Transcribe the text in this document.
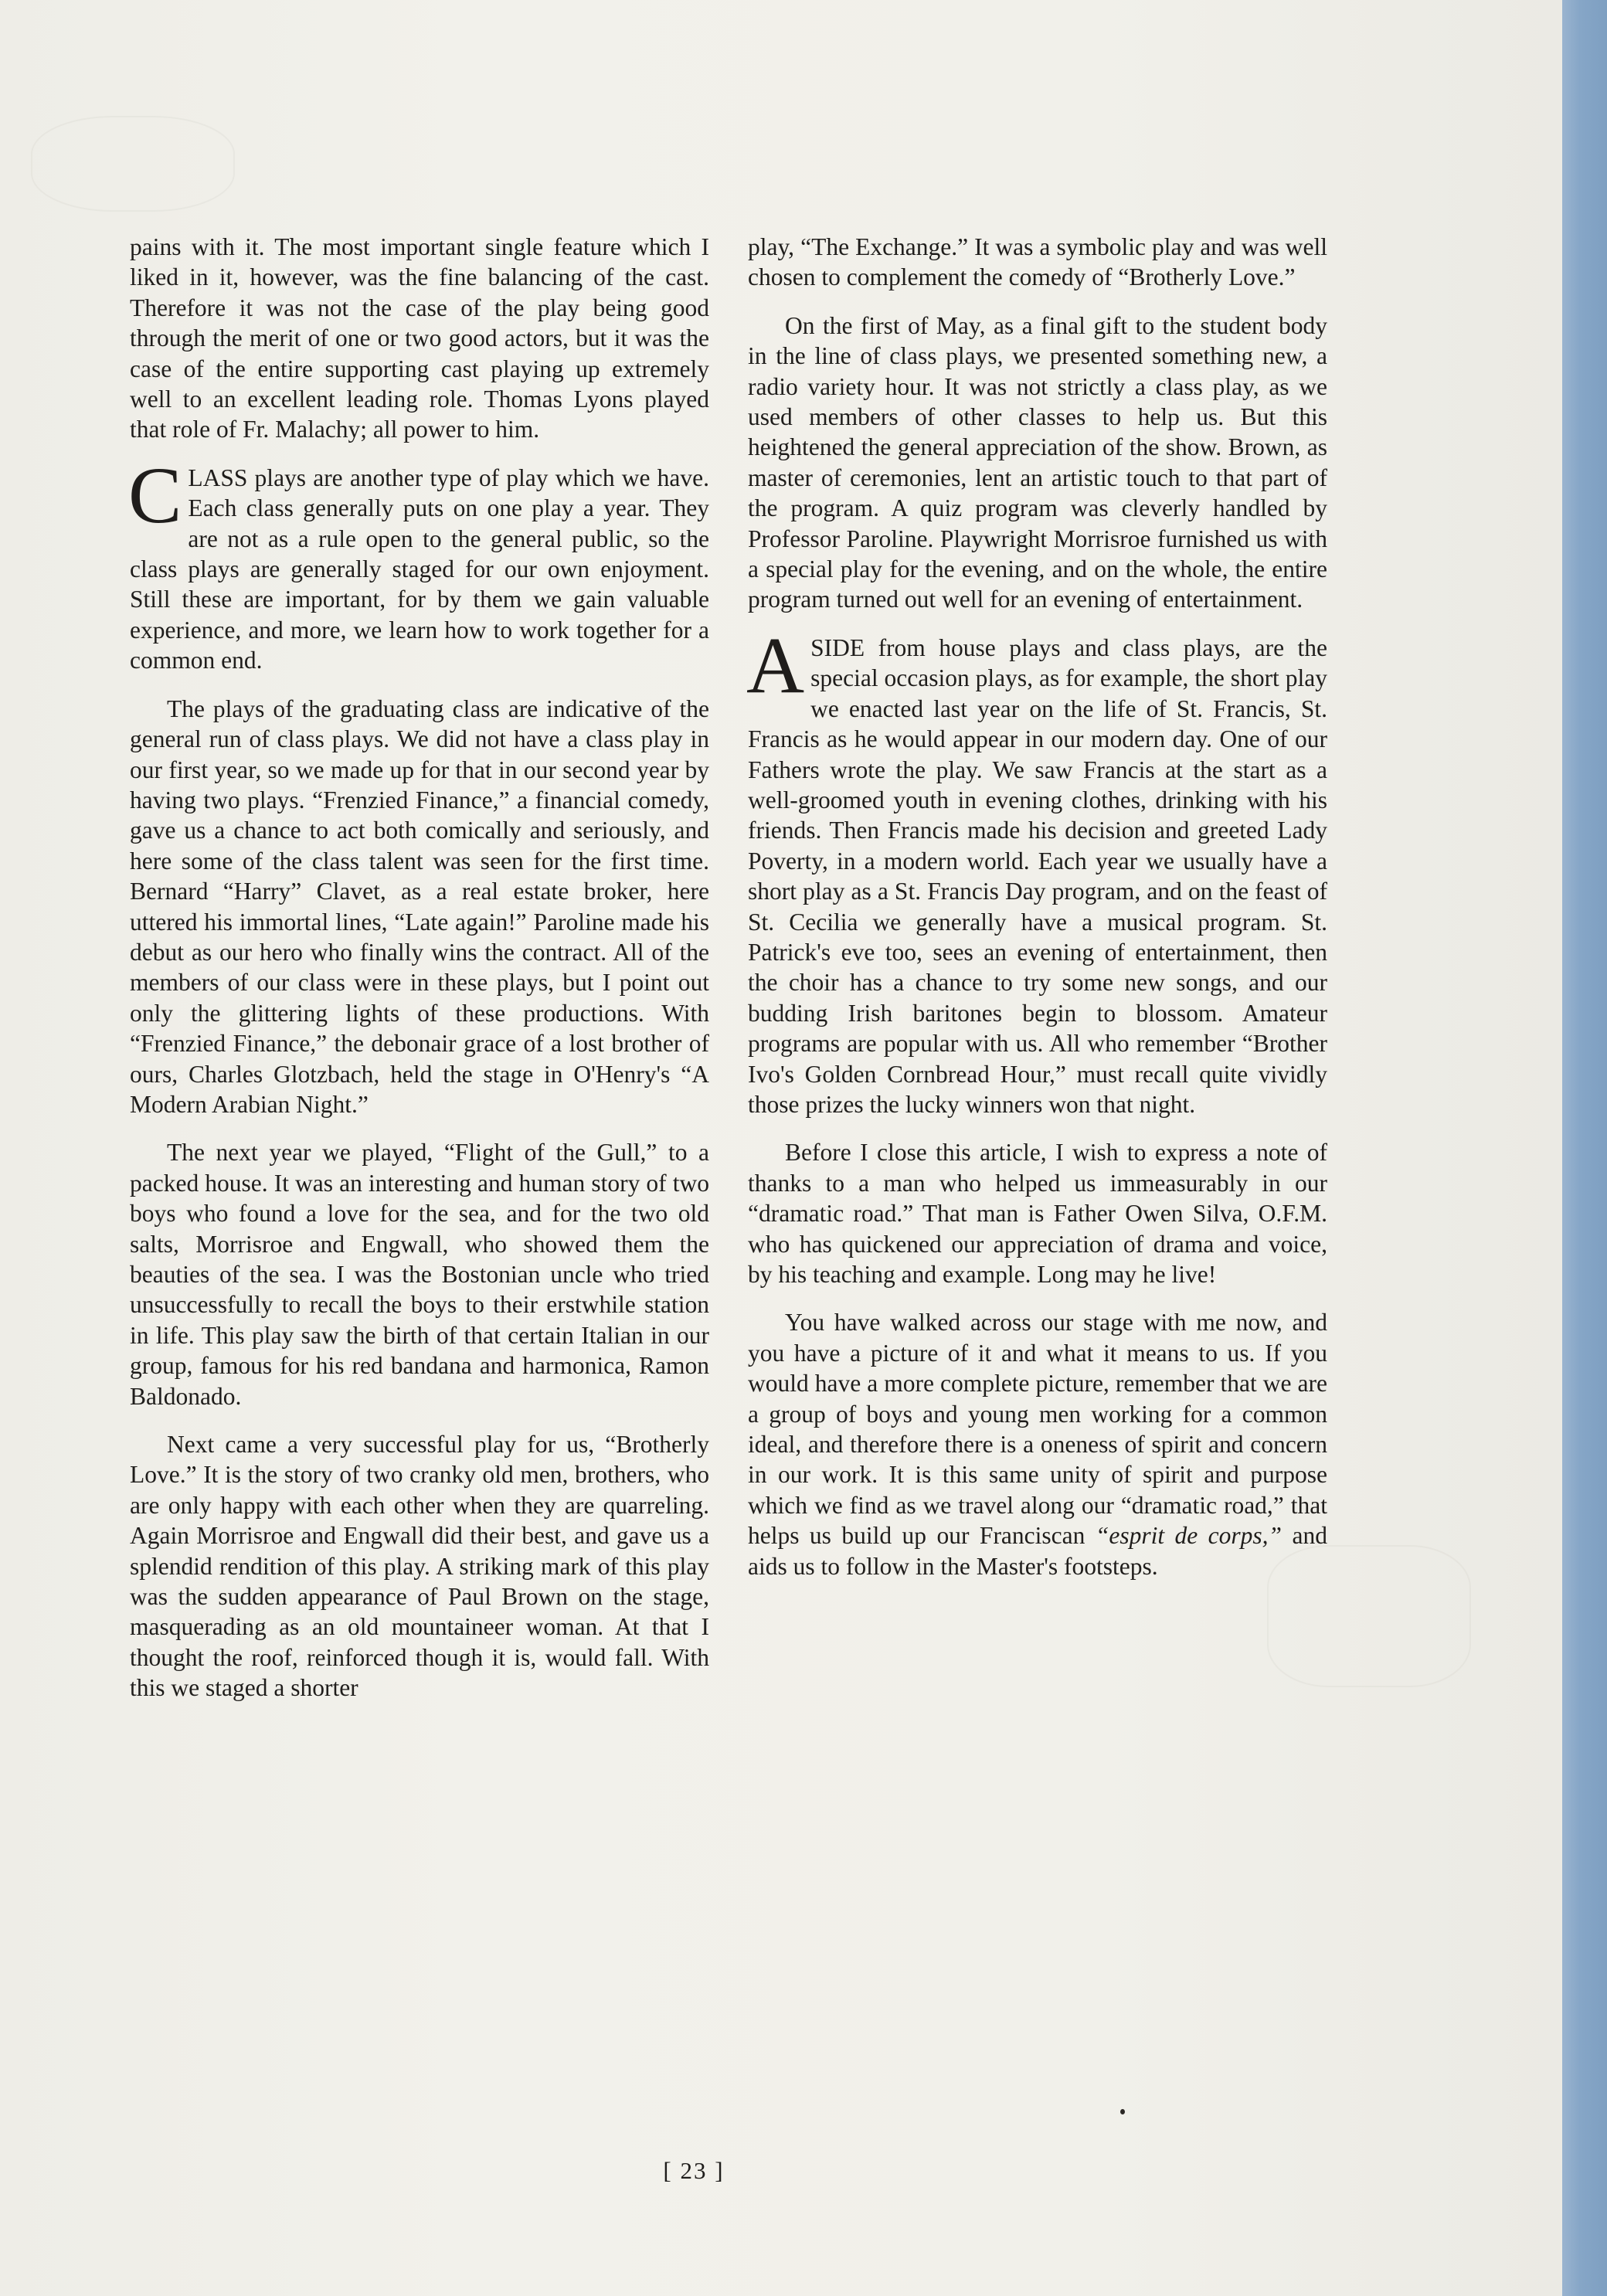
pains with it. The most important single feature which I liked in it, however, was the fine balancing of the cast. Therefore it was not the case of the play being good through the merit of one or two good actors, but it was the case of the entire supporting cast playing up extremely well to an excellent leading role. Thomas Lyons played that role of Fr. Malachy; all power to him.

CLASS plays are another type of play which we have. Each class generally puts on one play a year. They are not as a rule open to the general public, so the class plays are generally staged for our own enjoyment. Still these are important, for by them we gain valuable experience, and more, we learn how to work together for a common end.

The plays of the graduating class are indicative of the general run of class plays. We did not have a class play in our first year, so we made up for that in our second year by having two plays. “Frenzied Finance,” a financial comedy, gave us a chance to act both comically and seriously, and here some of the class talent was seen for the first time. Bernard “Harry” Clavet, as a real estate broker, here uttered his immortal lines, “Late again!” Paroline made his debut as our hero who finally wins the contract. All of the members of our class were in these plays, but I point out only the glittering lights of these productions. With “Frenzied Finance,” the debonair grace of a lost brother of ours, Charles Glotzbach, held the stage in O'Henry's “A Modern Arabian Night.”

The next year we played, “Flight of the Gull,” to a packed house. It was an interesting and human story of two boys who found a love for the sea, and for the two old salts, Morrisroe and Engwall, who showed them the beauties of the sea. I was the Bostonian uncle who tried unsuccessfully to recall the boys to their erstwhile station in life. This play saw the birth of that certain Italian in our group, famous for his red bandana and harmonica, Ramon Baldonado.

Next came a very successful play for us, “Brotherly Love.” It is the story of two cranky old men, brothers, who are only happy with each other when they are quarreling. Again Morrisroe and Engwall did their best, and gave us a splendid rendition of this play. A striking mark of this play was the sudden appearance of Paul Brown on the stage, masquerading as an old mountaineer woman. At that I thought the roof, reinforced though it is, would fall. With this we staged a shorter

play, “The Exchange.” It was a symbolic play and was well chosen to complement the comedy of “Brotherly Love.”

On the first of May, as a final gift to the student body in the line of class plays, we presented something new, a radio variety hour. It was not strictly a class play, as we used members of other classes to help us. But this heightened the general appreciation of the show. Brown, as master of ceremonies, lent an artistic touch to that part of the program. A quiz program was cleverly handled by Professor Paroline. Playwright Morrisroe furnished us with a special play for the evening, and on the whole, the entire program turned out well for an evening of entertainment.

ASIDE from house plays and class plays, are the special occasion plays, as for example, the short play we enacted last year on the life of St. Francis, St. Francis as he would appear in our modern day. One of our Fathers wrote the play. We saw Francis at the start as a well-groomed youth in evening clothes, drinking with his friends. Then Francis made his decision and greeted Lady Poverty, in a modern world. Each year we usually have a short play as a St. Francis Day program, and on the feast of St. Cecilia we generally have a musical program. St. Patrick's eve too, sees an evening of entertainment, then the choir has a chance to try some new songs, and our budding Irish baritones begin to blossom. Amateur programs are popular with us. All who remember “Brother Ivo's Golden Cornbread Hour,” must recall quite vividly those prizes the lucky winners won that night.

Before I close this article, I wish to express a note of thanks to a man who helped us immeasurably in our “dramatic road.” That man is Father Owen Silva, O.F.M. who has quickened our appreciation of drama and voice, by his teaching and example. Long may he live!

You have walked across our stage with me now, and you have a picture of it and what it means to us. If you would have a more complete picture, remember that we are a group of boys and young men working for a common ideal, and therefore there is a oneness of spirit and concern in our work. It is this same unity of spirit and purpose which we find as we travel along our “dramatic road,” that helps us build up our Franciscan “esprit de corps,” and aids us to follow in the Master's footsteps.

[ 23 ]
